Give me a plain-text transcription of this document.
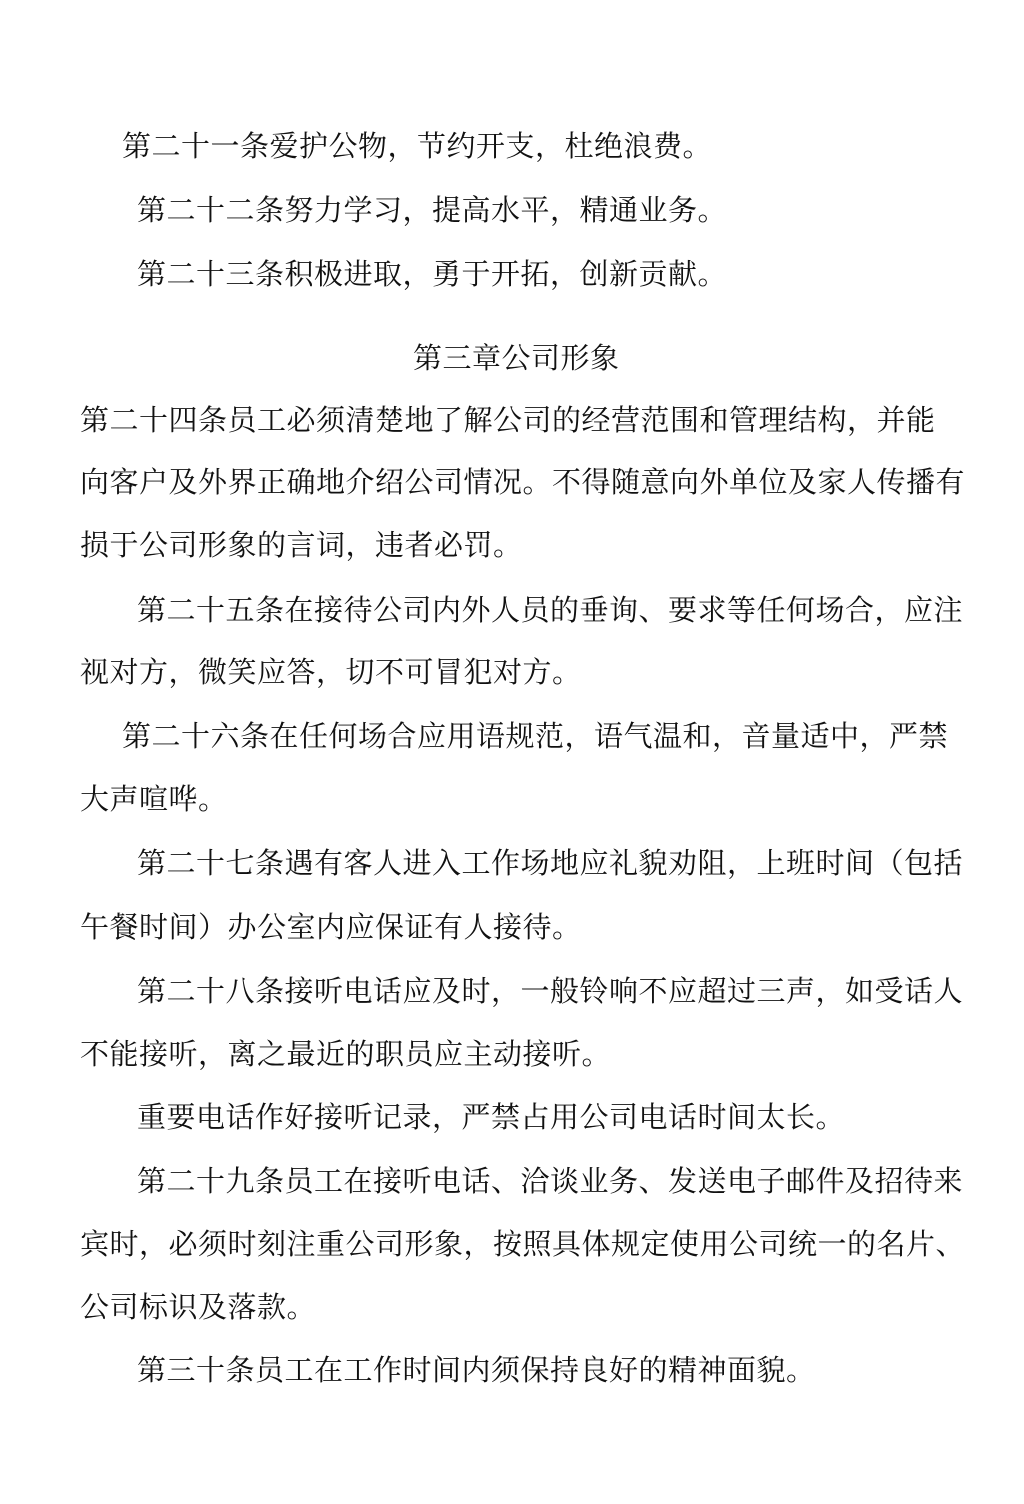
第二十一条爱护公物，节约开支，杜绝浪费。
第二十二条努力学习，提高水平，精通业务。
第二十三条积极进取，勇于开拓，创新贡献。
第三章公司形象
第二十四条员工必须清楚地了解公司的经营范围和管理结构，并能
向客户及外界正确地介绍公司情况。不得随意向外单位及家人传播有
损于公司形象的言词，违者必罚。
第二十五条在接待公司内外人员的垂询、要求等任何场合，应注
视对方，微笑应答，切不可冒犯对方。
第二十六条在任何场合应用语规范，语气温和，音量适中，严禁
大声喧哗。
第二十七条遇有客人进入工作场地应礼貌劝阻，上班时间（包括
午餐时间）办公室内应保证有人接待。
第二十八条接听电话应及时，一般铃响不应超过三声，如受话人
不能接听，离之最近的职员应主动接听。
重要电话作好接听记录，严禁占用公司电话时间太长。
第二十九条员工在接听电话、洽谈业务、发送电子邮件及招待来
宾时，必须时刻注重公司形象，按照具体规定使用公司统一的名片、
公司标识及落款。
第三十条员工在工作时间内须保持良好的精神面貌。
